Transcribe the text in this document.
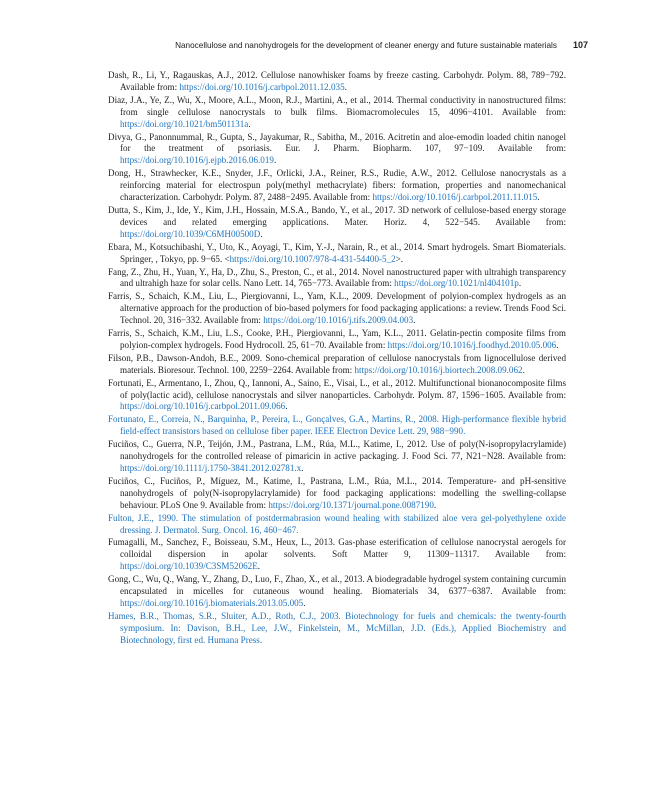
Nanocellulose and nanohydrogels for the development of cleaner energy and future sustainable materials 107

Dash, R., Li, Y., Ragauskas, A.J., 2012. Cellulose nanowhisker foams by freeze casting. Carbohydr. Polym. 88, 789−792. Available from: https://doi.org/10.1016/j.carbpol.2011.12.035.

Diaz, J.A., Ye, Z., Wu, X., Moore, A.L., Moon, R.J., Martini, A., et al., 2014. Thermal conductivity in nanostructured films: from single cellulose nanocrystals to bulk films. Biomacromolecules 15, 4096−4101. Available from: https://doi.org/10.1021/bm501131a.

Divya, G., Panonnummal, R., Gupta, S., Jayakumar, R., Sabitha, M., 2016. Acitretin and aloe-emodin loaded chitin nanogel for the treatment of psoriasis. Eur. J. Pharm. Biopharm. 107, 97−109. Available from: https://doi.org/10.1016/j.ejpb.2016.06.019.

Dong, H., Strawhecker, K.E., Snyder, J.F., Orlicki, J.A., Reiner, R.S., Rudie, A.W., 2012. Cellulose nanocrystals as a reinforcing material for electrospun poly(methyl methacrylate) fibers: formation, properties and nanomechanical characterization. Carbohydr. Polym. 87, 2488−2495. Available from: https://doi.org/10.1016/j.carbpol.2011.11.015.

Dutta, S., Kim, J., Ide, Y., Kim, J.H., Hossain, M.S.A., Bando, Y., et al., 2017. 3D network of cellulose-based energy storage devices and related emerging applications. Mater. Horiz. 4, 522−545. Available from: https://doi.org/10.1039/C6MH00500D.

Ebara, M., Kotsuchibashi, Y., Uto, K., Aoyagi, T., Kim, Y.-J., Narain, R., et al., 2014. Smart hydrogels. Smart Biomaterials. Springer, , Tokyo, pp. 9−65. <https://doi.org/10.1007/978-4-431-54400-5_2>.

Fang, Z., Zhu, H., Yuan, Y., Ha, D., Zhu, S., Preston, C., et al., 2014. Novel nanostructured paper with ultrahigh transparency and ultrahigh haze for solar cells. Nano Lett. 14, 765−773. Available from: https://doi.org/10.1021/nl404101p.

Farris, S., Schaich, K.M., Liu, L., Piergiovanni, L., Yam, K.L., 2009. Development of polyion-complex hydrogels as an alternative approach for the production of bio-based polymers for food packaging applications: a review. Trends Food Sci. Technol. 20, 316−332. Available from: https://doi.org/10.1016/j.tifs.2009.04.003.

Farris, S., Schaich, K.M., Liu, L.S., Cooke, P.H., Piergiovanni, L., Yam, K.L., 2011. Gelatin-pectin composite films from polyion-complex hydrogels. Food Hydrocoll. 25, 61−70. Available from: https://doi.org/10.1016/j.foodhyd.2010.05.006.

Filson, P.B., Dawson-Andoh, B.E., 2009. Sono-chemical preparation of cellulose nanocrystals from lignocellulose derived materials. Bioresour. Technol. 100, 2259−2264. Available from: https://doi.org/10.1016/j.biortech.2008.09.062.

Fortunati, E., Armentano, I., Zhou, Q., Iannoni, A., Saino, E., Visai, L., et al., 2012. Multifunctional bionanocomposite films of poly(lactic acid), cellulose nanocrystals and silver nanoparticles. Carbohydr. Polym. 87, 1596−1605. Available from: https://doi.org/10.1016/j.carbpol.2011.09.066.

Fortunato, E., Correia, N., Barquinha, P., Pereira, L., Gonçalves, G.A., Martins, R., 2008. High-performance flexible hybrid field-effect transistors based on cellulose fiber paper. IEEE Electron Device Lett. 29, 988−990.

Fuciños, C., Guerra, N.P., Teijón, J.M., Pastrana, L.M., Rúa, M.L., Katime, I., 2012. Use of poly(N-isopropylacrylamide) nanohydrogels for the controlled release of pimaricin in active packaging. J. Food Sci. 77, N21−N28. Available from: https://doi.org/10.1111/j.1750-3841.2012.02781.x.

Fuciños, C., Fuciños, P., Míguez, M., Katime, I., Pastrana, L.M., Rúa, M.L., 2014. Temperature- and pH-sensitive nanohydrogels of poly(N-isopropylacrylamide) for food packaging applications: modelling the swelling-collapse behaviour. PLoS One 9. Available from: https://doi.org/10.1371/journal.pone.0087190.

Fulton, J.E., 1990. The stimulation of postdermabrasion wound healing with stabilized aloe vera gel-polyethylene oxide dressing. J. Dermatol. Surg. Oncol. 16, 460−467.

Fumagalli, M., Sanchez, F., Boisseau, S.M., Heux, L., 2013. Gas-phase esterification of cellulose nanocrystal aerogels for colloidal dispersion in apolar solvents. Soft Matter 9, 11309−11317. Available from: https://doi.org/10.1039/C3SM52062E.

Gong, C., Wu, Q., Wang, Y., Zhang, D., Luo, F., Zhao, X., et al., 2013. A biodegradable hydrogel system containing curcumin encapsulated in micelles for cutaneous wound healing. Biomaterials 34, 6377−6387. Available from: https://doi.org/10.1016/j.biomaterials.2013.05.005.

Hames, B.R., Thomas, S.R., Sluiter, A.D., Roth, C.J., 2003. Biotechnology for fuels and chemicals: the twenty-fourth symposium. In: Davison, B.H., Lee, J.W., Finkelstein, M., McMillan, J.D. (Eds.), Applied Biochemistry and Biotechnology, first ed. Humana Press.
